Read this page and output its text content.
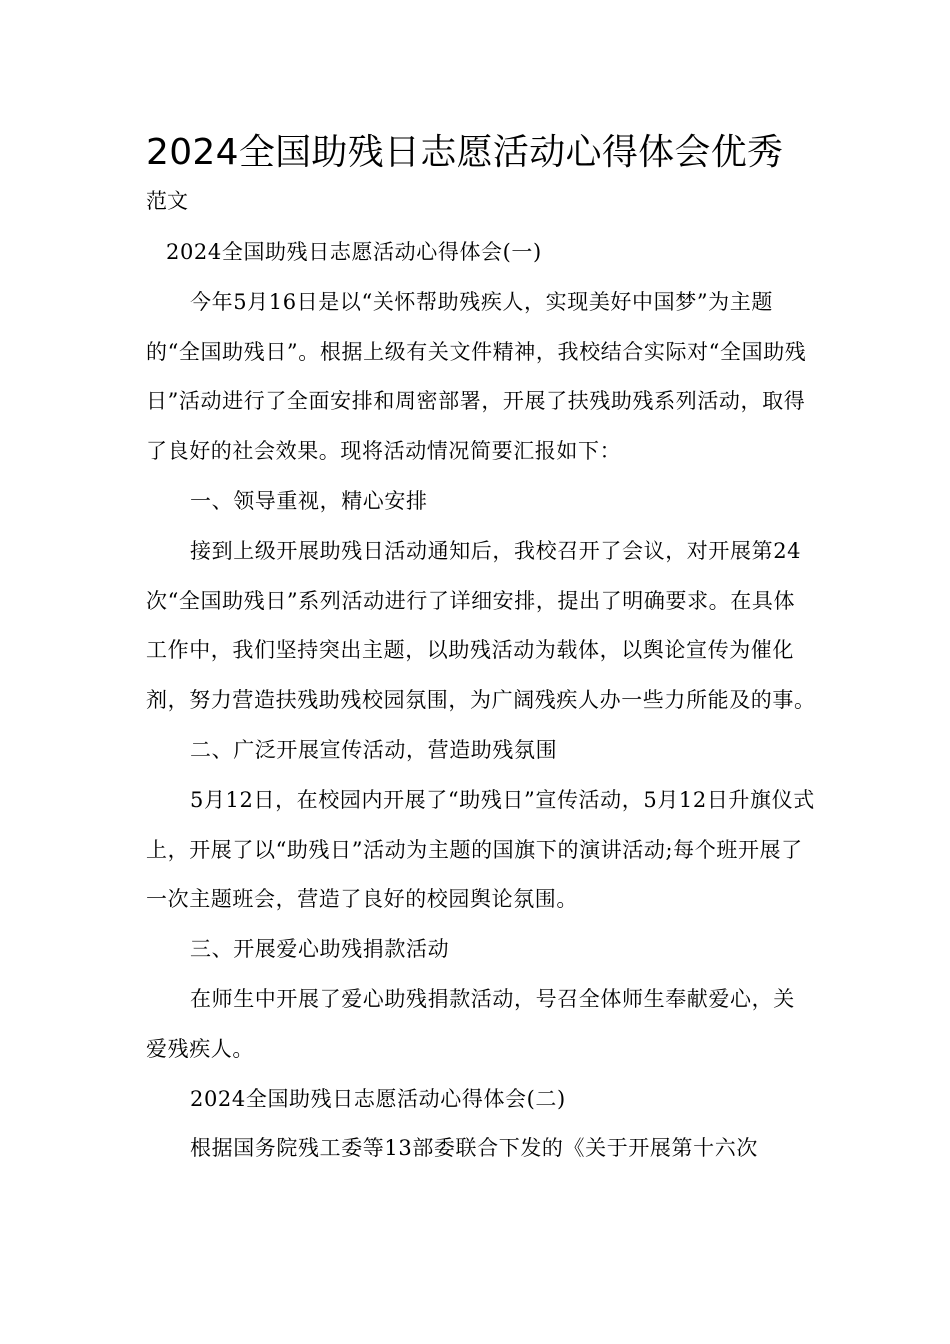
2024全国助残日志愿活动心得体会优秀
范文

2024全国助残日志愿活动心得体会(一)

今年5月16日是以“关怀帮助残疾人，实现美好中国梦”为主题的“全国助残日”。根据上级有关文件精神，我校结合实际对“全国助残日”活动进行了全面安排和周密部署，开展了扶残助残系列活动，取得了良好的社会效果。现将活动情况简要汇报如下：

一、领导重视，精心安排

接到上级开展助残日活动通知后，我校召开了会议，对开展第24次“全国助残日”系列活动进行了详细安排，提出了明确要求。在具体工作中，我们坚持突出主题，以助残活动为载体，以舆论宣传为催化剂，努力营造扶残助残校园氛围，为广阔残疾人办一些力所能及的事。

二、广泛开展宣传活动，营造助残氛围

5月12日，在校园内开展了“助残日”宣传活动，5月12日升旗仪式上，开展了以“助残日”活动为主题的国旗下的演讲活动;每个班开展了一次主题班会，营造了良好的校园舆论氛围。

三、开展爱心助残捐款活动

在师生中开展了爱心助残捐款活动，号召全体师生奉献爱心，关爱残疾人。

2024全国助残日志愿活动心得体会(二)

根据国务院残工委等13部委联合下发的《关于开展第十六次
